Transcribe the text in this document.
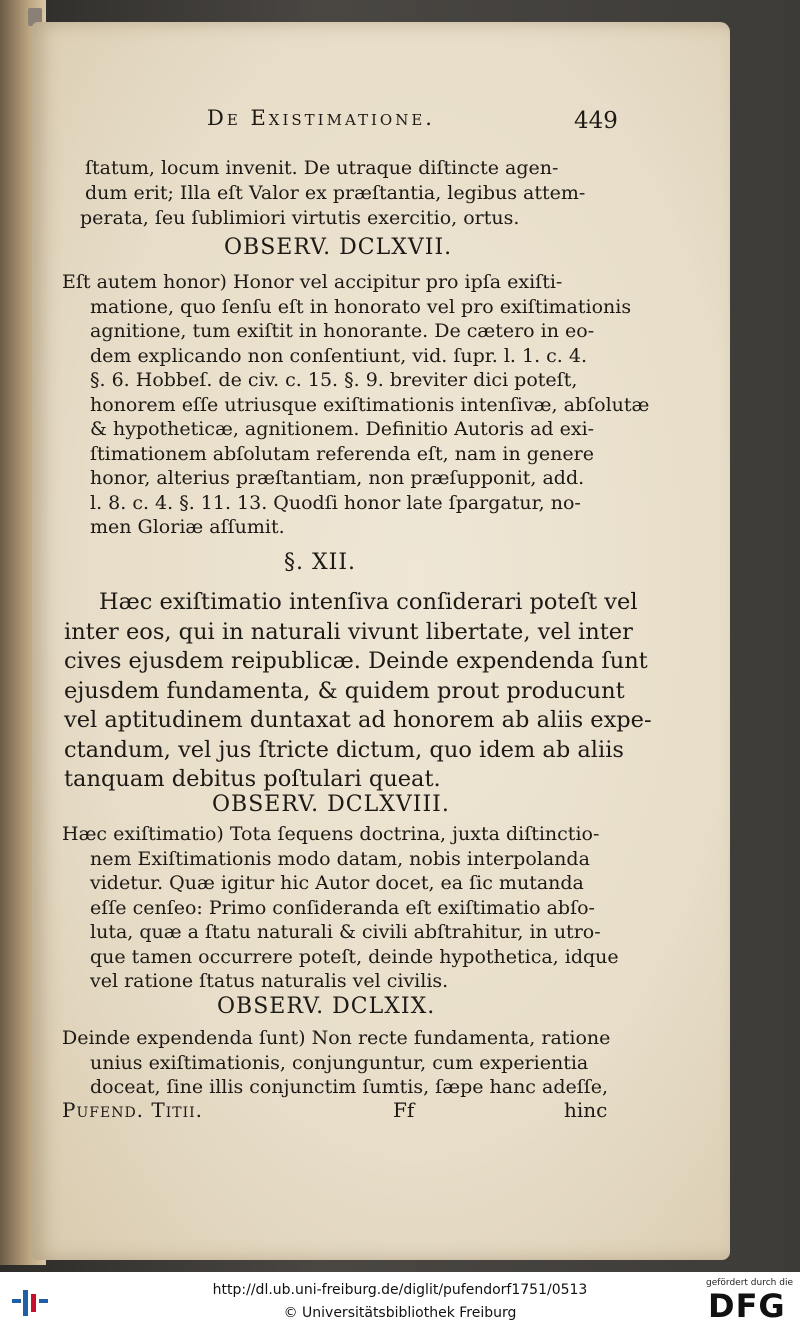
De Existimatione.	449
ſtatum, locum invenit. De utraque diſtincte agen-
dum erit; Illa eſt Valor ex præſtantia, legibus attem-
perata, ſeu ſublimiori virtutis exercitio, ortus.
OBSERV. DCLXVII.
Eſt autem honor) Honor vel accipitur pro ipſa exiſti-
matione, quo ſenſu eſt in honorato vel pro exiſtimationis
agnitione, tum exiſtit in honorante. De cætero in eo-
dem explicando non conſentiunt, vid. ſupr. l. 1. c. 4.
§. 6. Hobbeſ. de civ. c. 15. §. 9. breviter dici poteſt,
honorem eſſe utriusque exiſtimationis intenſivæ, abſolutæ
& hypotheticæ, agnitionem. Definitio Autoris ad exi-
ſtimationem abſolutam referenda eſt, nam in genere
honor, alterius præſtantiam, non præſupponit, add.
l. 8. c. 4. §. 11. 13. Quodſi honor late ſpargatur, no-
men Gloriæ aſſumit.
§. XII.
Hæc exiſtimatio intenſiva conſiderari poteſt vel
inter eos, qui in naturali vivunt libertate, vel inter
cives ejusdem reipublicæ. Deinde expendenda ſunt
ejusdem fundamenta, & quidem prout producunt
vel aptitudinem duntaxat ad honorem ab aliis expe-
ctandum, vel jus ſtricte dictum, quo idem ab aliis
tanquam debitus poſtulari queat.
OBSERV. DCLXVIII.
Hæc exiſtimatio) Tota ſequens doctrina, juxta diſtinctio-
nem Exiſtimationis modo datam, nobis interpolanda
videtur. Quæ igitur hic Autor docet, ea ſic mutanda
eſſe cenſeo: Primo conſideranda eſt exiſtimatio abſo-
luta, quæ a ſtatu naturali & civili abſtrahitur, in utro-
que tamen occurrere poteſt, deinde hypothetica, idque
vel ratione ſtatus naturalis vel civilis.
OBSERV. DCLXIX.
Deinde expendenda ſunt) Non recte fundamenta, ratione
unius exiſtimationis, conjunguntur, cum experientia
doceat, ſine illis conjunctim ſumtis, ſæpe hanc adeſſe,
Pufend. Titii.	Ff	hinc
http://dl.ub.uni-freiburg.de/diglit/pufendorf1751/0513
© Universitätsbibliothek Freiburg
gefördert durch die
DFG
